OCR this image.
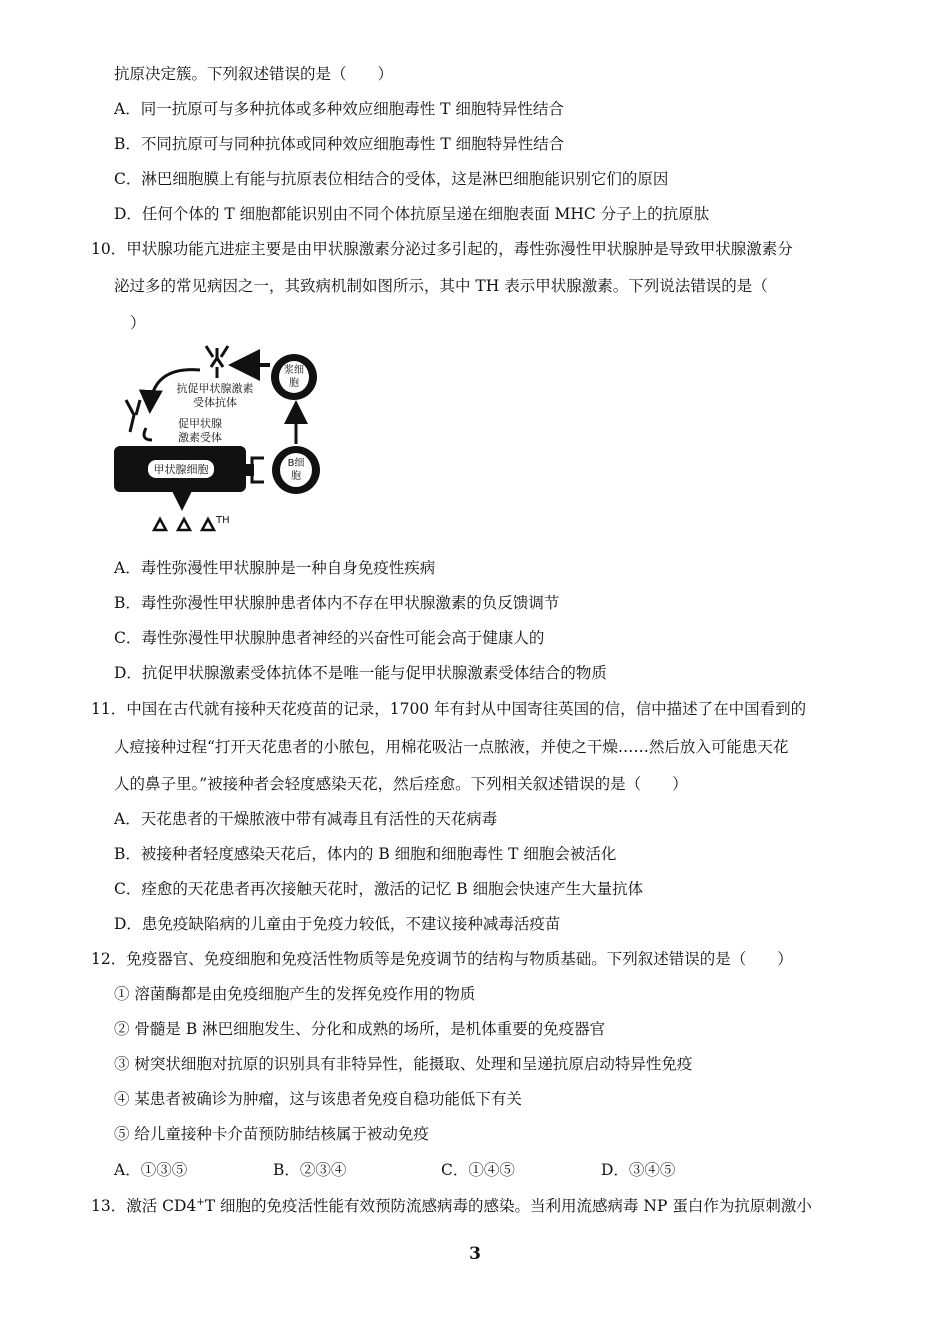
抗原决定簇。下列叙述错误的是（　　）
A．同一抗原可与多种抗体或多种效应细胞毒性 T 细胞特异性结合
B．不同抗原可与同种抗体或同种效应细胞毒性 T 细胞特异性结合
C．淋巴细胞膜上有能与抗原表位相结合的受体，这是淋巴细胞能识别它们的原因
D．任何个体的 T 细胞都能识别由不同个体抗原呈递在细胞表面 MHC 分子上的抗原肽
10．甲状腺功能亢进症主要是由甲状腺激素分泌过多引起的，毒性弥漫性甲状腺肿是导致甲状腺激素分
泌过多的常见病因之一，其致病机制如图所示，其中 TH 表示甲状腺激素。下列说法错误的是（
）
浆细
胞
抗促甲状腺激素
受体抗体
促甲状腺
激素受体
甲状腺细胞	B细
胞
TH
A．毒性弥漫性甲状腺肿是一种自身免疫性疾病
B．毒性弥漫性甲状腺肿患者体内不存在甲状腺激素的负反馈调节
C．毒性弥漫性甲状腺肿患者神经的兴奋性可能会高于健康人的
D．抗促甲状腺激素受体抗体不是唯一能与促甲状腺激素受体结合的物质
11．中国在古代就有接种天花疫苗的记录，1700 年有封从中国寄往英国的信，信中描述了在中国看到的
人痘接种过程“打开天花患者的小脓包，用棉花吸沾一点脓液，并使之干燥……然后放入可能患天花
人的鼻子里。”被接种者会轻度感染天花，然后痊愈。下列相关叙述错误的是（　　）
A．天花患者的干燥脓液中带有减毒且有活性的天花病毒
B．被接种者轻度感染天花后，体内的 B 细胞和细胞毒性 T 细胞会被活化
C．痊愈的天花患者再次接触天花时，激活的记忆 B 细胞会快速产生大量抗体
D．患免疫缺陷病的儿童由于免疫力较低，不建议接种减毒活疫苗
12．免疫器官、免疫细胞和免疫活性物质等是免疫调节的结构与物质基础。下列叙述错误的是（　　）
① 溶菌酶都是由免疫细胞产生的发挥免疫作用的物质
② 骨髓是 B 淋巴细胞发生、分化和成熟的场所，是机体重要的免疫器官
③ 树突状细胞对抗原的识别具有非特异性，能摄取、处理和呈递抗原启动特异性免疫
④ 某患者被确诊为肿瘤，这与该患者免疫自稳功能低下有关
⑤ 给儿童接种卡介苗预防肺结核属于被动免疫
A．①③⑤	B．②③④	C．①④⑤	D．③④⑤
13．激活 CD4+T 细胞的免疫活性能有效预防流感病毒的感染。当利用流感病毒 NP 蛋白作为抗原刺激小
3
